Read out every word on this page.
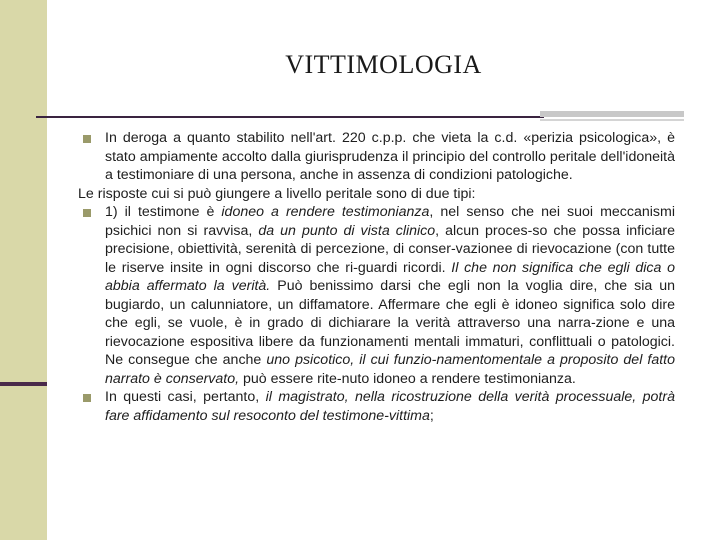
VITTIMOLOGIA

In deroga a quanto stabilito nell'art. 220 c.p.p. che vieta la c.d. «perizia psicologica», è stato ampiamente accolto dalla giurisprudenza il principio del controllo peritale dell'idoneità a testimoniare di una persona, anche in assenza di condizioni patologiche.

Le risposte cui si può giungere a livello peritale sono di due tipi:

1) il testimone è idoneo a rendere testimonianza, nel senso che nei suoi meccanismi psichici non si ravvisa, da un punto di vista clinico, alcun proces-so che possa inficiare precisione, obiettività, serenità di percezione, di conser-vazionee di rievocazione (con tutte le riserve insite in ogni discorso che ri-guardi ricordi. Il che non significa che egli dica o abbia affermato la verità. Può benissimo darsi che egli non la voglia dire, che sia un bugiardo, un calunniatore, un diffamatore. Affermare che egli è idoneo significa solo dire che egli, se vuole, è in grado di dichiarare la verità attraverso una narra-zione e una rievocazione espositiva libere da funzionamenti mentali immaturi, conflittuali o patologici. Ne consegue che anche uno psicotico, il cui funzio-namentomentale a proposito del fatto narrato è conservato, può essere rite-nuto idoneo a rendere testimonianza.

In questi casi, pertanto, il magistrato, nella ricostruzione della verità processuale, potrà fare affidamento sul resoconto del testimone-vittima;
